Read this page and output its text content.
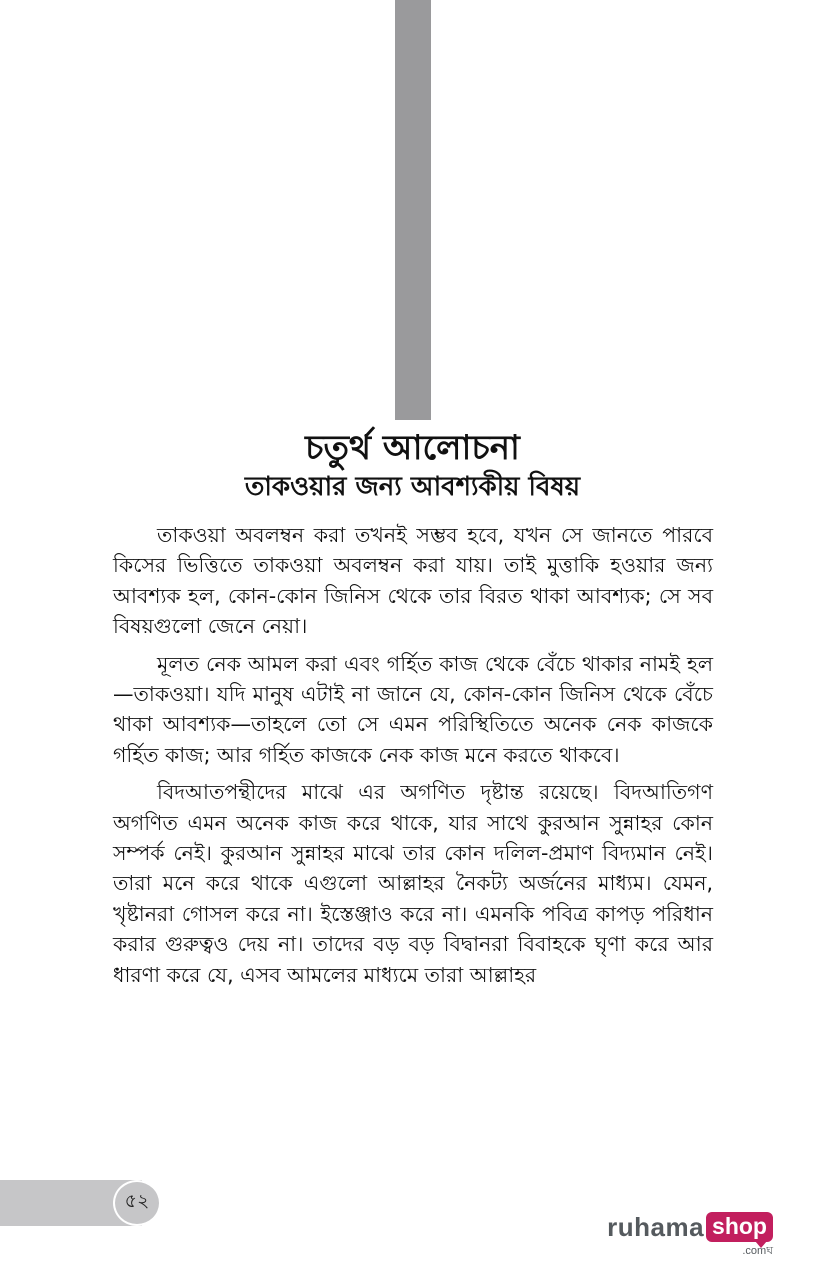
চতুর্থ আলোচনা
তাকওয়ার জন্য আবশ্যকীয় বিষয়

তাকওয়া অবলম্বন করা তখনই সম্ভব হবে, যখন সে জানতে পারবে কিসের ভিত্তিতে তাকওয়া অবলম্বন করা যায়। তাই মুত্তাকি হওয়ার জন্য আবশ্যক হল, কোন-কোন জিনিস থেকে তার বিরত থাকা আবশ্যক; সে সব বিষয়গুলো জেনে নেয়া।

মূলত নেক আমল করা এবং গর্হিত কাজ থেকে বেঁচে থাকার নামই হল—তাকওয়া। যদি মানুষ এটাই না জানে যে, কোন-কোন জিনিস থেকে বেঁচে থাকা আবশ্যক—তাহলে তো সে এমন পরিস্থিতিতে অনেক নেক কাজকে গর্হিত কাজ; আর গর্হিত কাজকে নেক কাজ মনে করতে থাকবে।

বিদআতপন্থীদের মাঝে এর অগণিত দৃষ্টান্ত রয়েছে। বিদআতিগণ অগণিত এমন অনেক কাজ করে থাকে, যার সাথে কুরআন সুন্নাহর কোন সম্পর্ক নেই। কুরআন সুন্নাহর মাঝে তার কোন দলিল-প্রমাণ বিদ্যমান নেই। তারা মনে করে থাকে এগুলো আল্লাহর নৈকট্য অর্জনের মাধ্যম। যেমন, খৃষ্টানরা গোসল করে না। ইস্তেঞ্জাও করে না। এমনকি পবিত্র কাপড় পরিধান করার গুরুত্বও দেয় না। তাদের বড় বড় বিদ্বানরা বিবাহকে ঘৃণা করে আর ধারণা করে যে, এসব আমলের মাধ্যমে তারা আল্লাহর

৫২
ruhama shop
.comঘ
